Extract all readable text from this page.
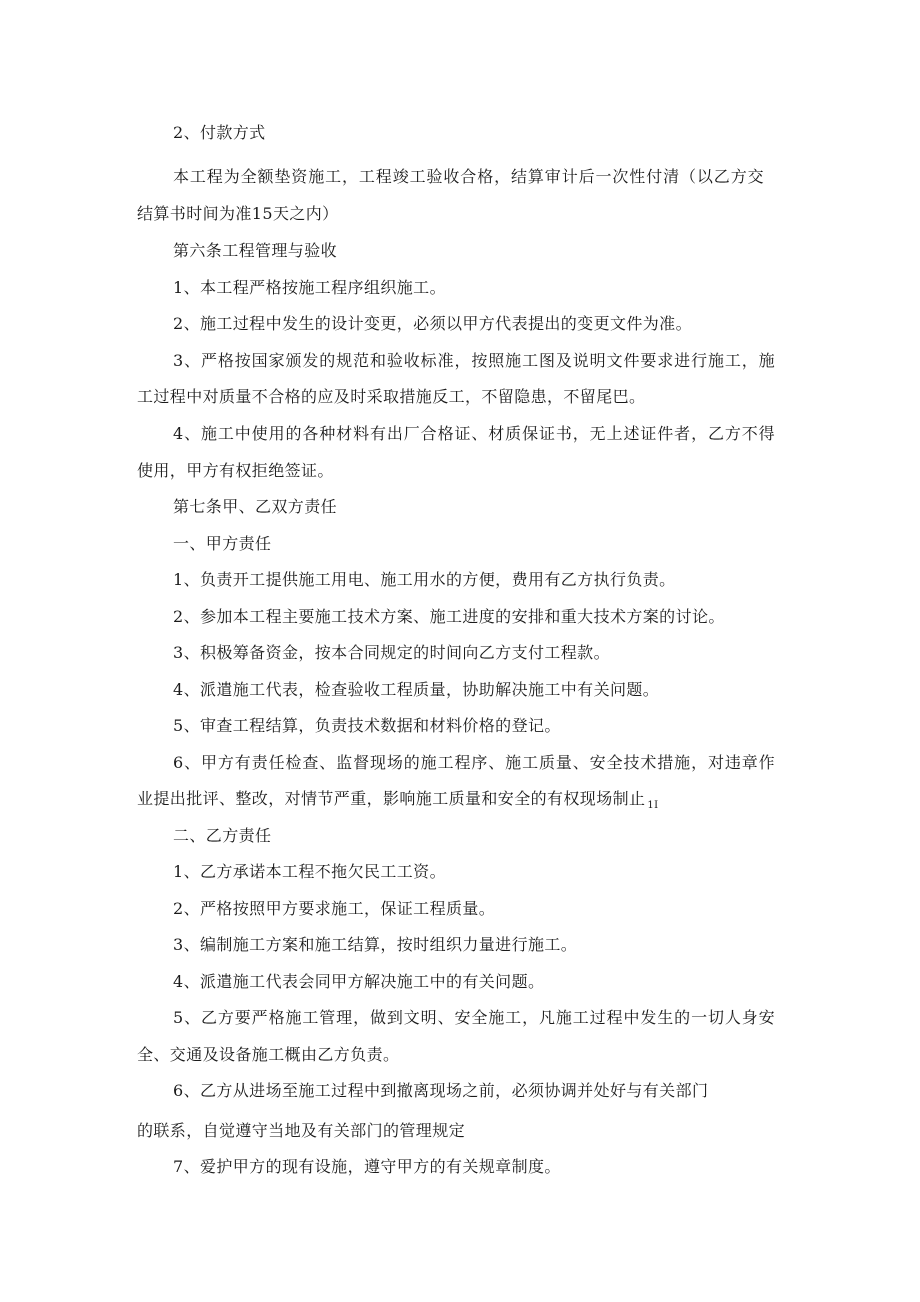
2、付款方式
本工程为全额垫资施工，工程竣工验收合格，结算审计后一次性付清（以乙方交
结算书时间为准15天之内）
第六条工程管理与验收
1、本工程严格按施工程序组织施工。
2、施工过程中发生的设计变更，必须以甲方代表提出的变更文件为准。
3、严格按国家颁发的规范和验收标准，按照施工图及说明文件要求进行施工，施
工过程中对质量不合格的应及时采取措施反工，不留隐患，不留尾巴。
4、施工中使用的各种材料有出厂合格证、材质保证书，无上述证件者，乙方不得
使用，甲方有权拒绝签证。
第七条甲、乙双方责任
一、甲方责任
1、负责开工提供施工用电、施工用水的方便，费用有乙方执行负责。
2、参加本工程主要施工技术方案、施工进度的安排和重大技术方案的讨论。
3、积极筹备资金，按本合同规定的时间向乙方支付工程款。
4、派遣施工代表，检查验收工程质量，协助解决施工中有关问题。
5、审查工程结算，负责技术数据和材料价格的登记。
6、甲方有责任检查、监督现场的施工程序、施工质量、安全技术措施，对违章作
业提出批评、整改，对情节严重，影响施工质量和安全的有权现场制止 $_{1I}$
二、乙方责任
1、乙方承诺本工程不拖欠民工工资。
2、严格按照甲方要求施工，保证工程质量。
3、编制施工方案和施工结算，按时组织力量进行施工。
4、派遣施工代表会同甲方解决施工中的有关问题。
5、乙方要严格施工管理，做到文明、安全施工，凡施工过程中发生的一切人身安
全、交通及设备施工概由乙方负责。
6、乙方从进场至施工过程中到撤离现场之前，必须协调并处好与有关部门
的联系，自觉遵守当地及有关部门的管理规定
7、爱护甲方的现有设施，遵守甲方的有关规章制度。
